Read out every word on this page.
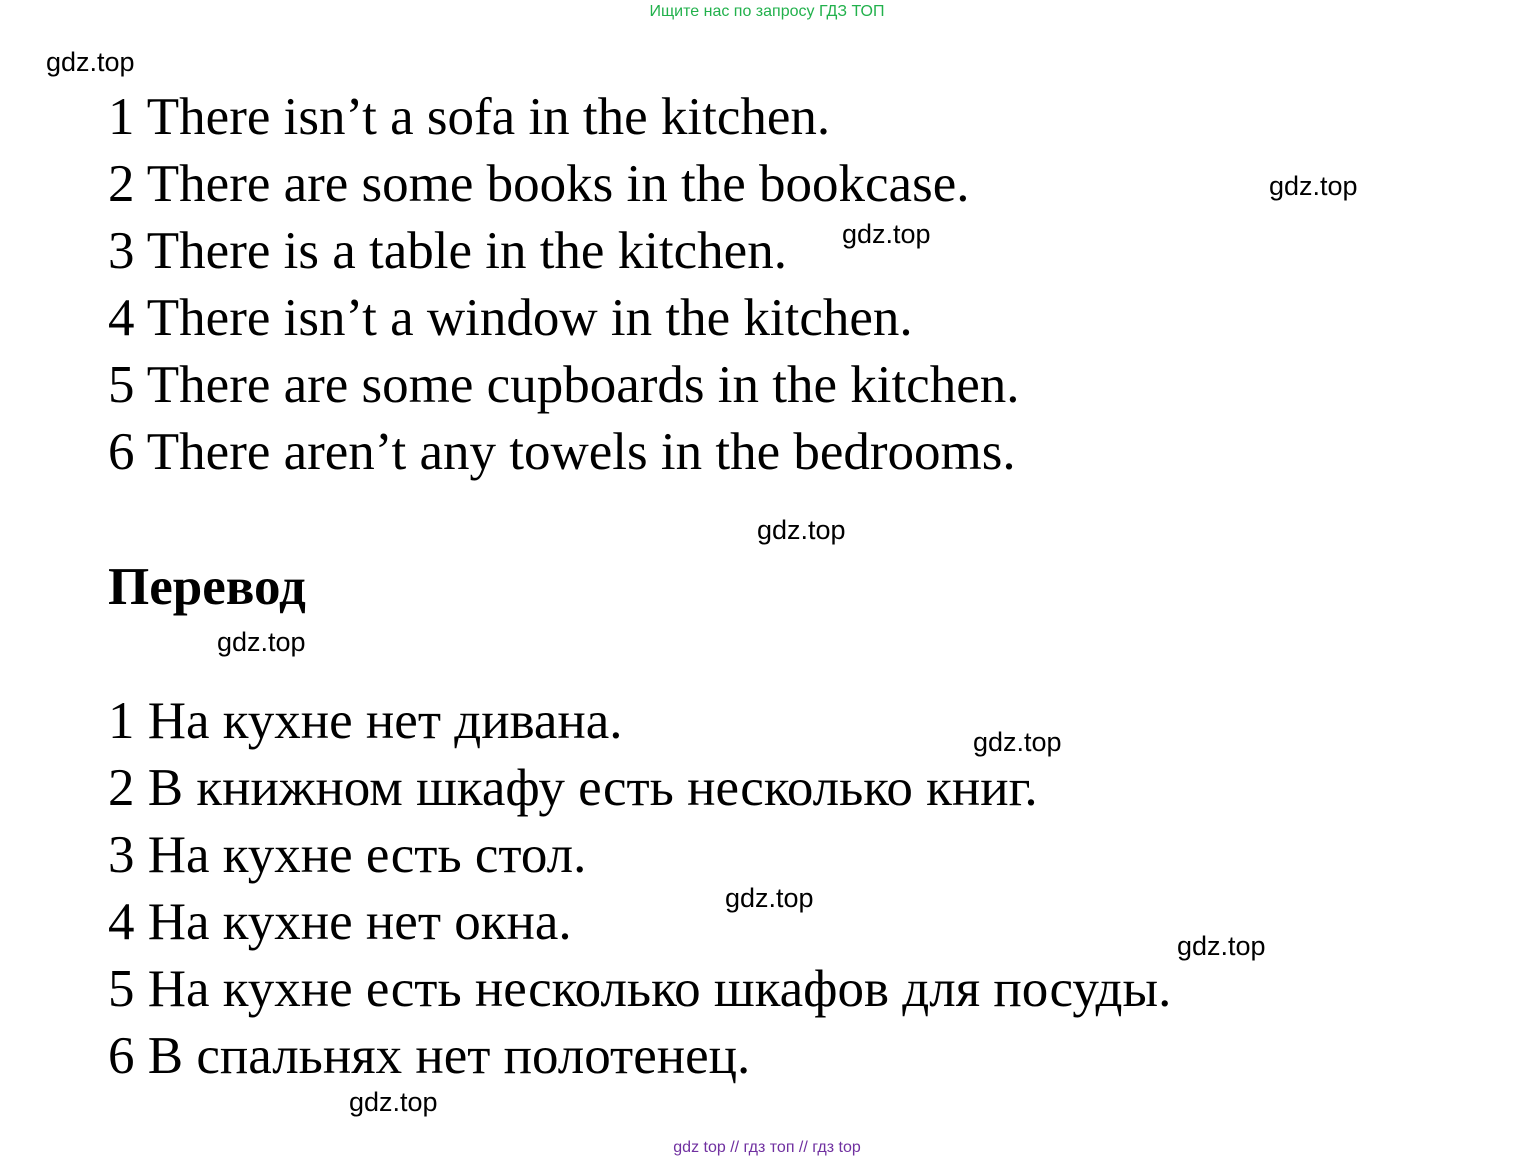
Ищите нас по запросу ГДЗ ТОП
gdz.top
gdz.top
gdz.top
gdz.top
gdz.top
gdz.top
gdz.top
gdz.top
gdz.top
1 There isn’t a sofa in the kitchen.
2 There are some books in the bookcase.
3 There is a table in the kitchen.
4 There isn’t a window in the kitchen.
5 There are some cupboards in the kitchen.
6 There aren’t any towels in the bedrooms.
Перевод
1 На кухне нет дивана.
2 В книжном шкафу есть несколько книг.
3 На кухне есть стол.
4 На кухне нет окна.
5 На кухне есть несколько шкафов для посуды.
6 В спальнях нет полотенец.
gdz top // гдз топ // гдз top
